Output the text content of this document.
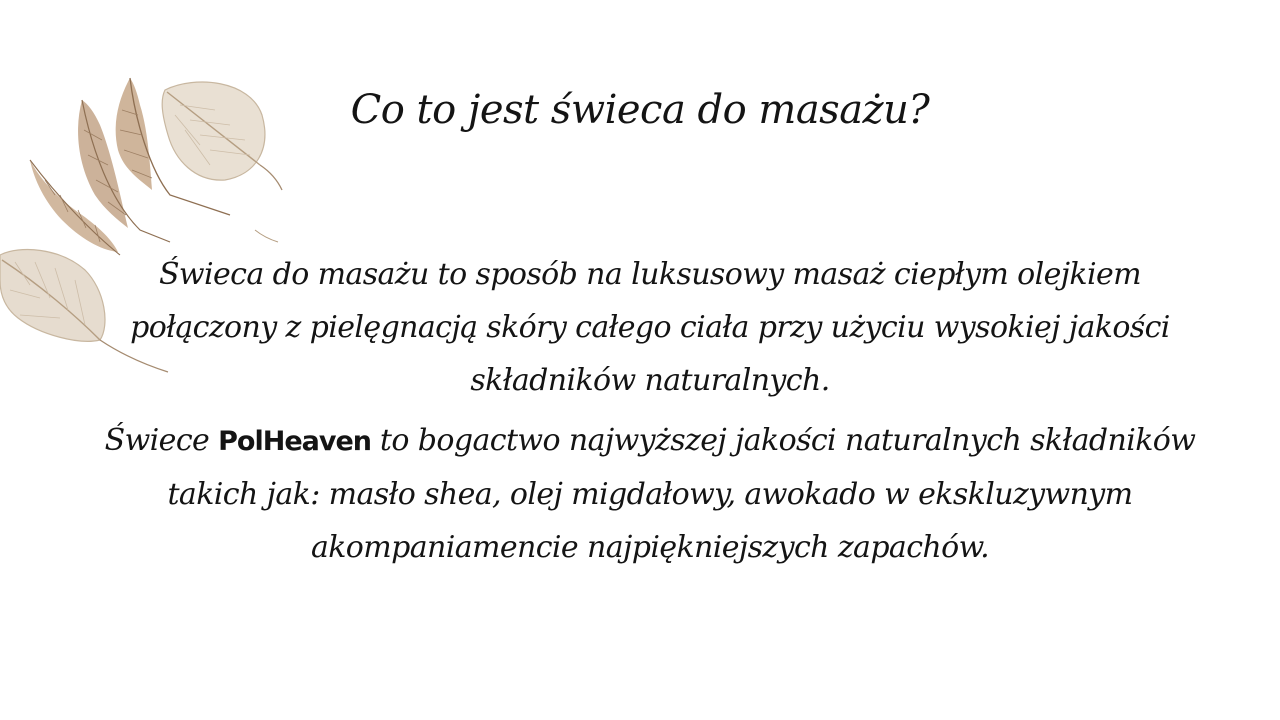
Co to jest świeca do masażu?
Świeca do masażu to sposób na luksusowy masaż ciepłym olejkiem połączony z pielęgnacją skóry całego ciała przy użyciu wysokiej jakości składników naturalnych.
Świece PolHeaven to bogactwo najwyższej jakości naturalnych składników takich jak: masło shea, olej migdałowy, awokado w ekskluzywnym akompaniamencie najpiękniejszych zapachów.
